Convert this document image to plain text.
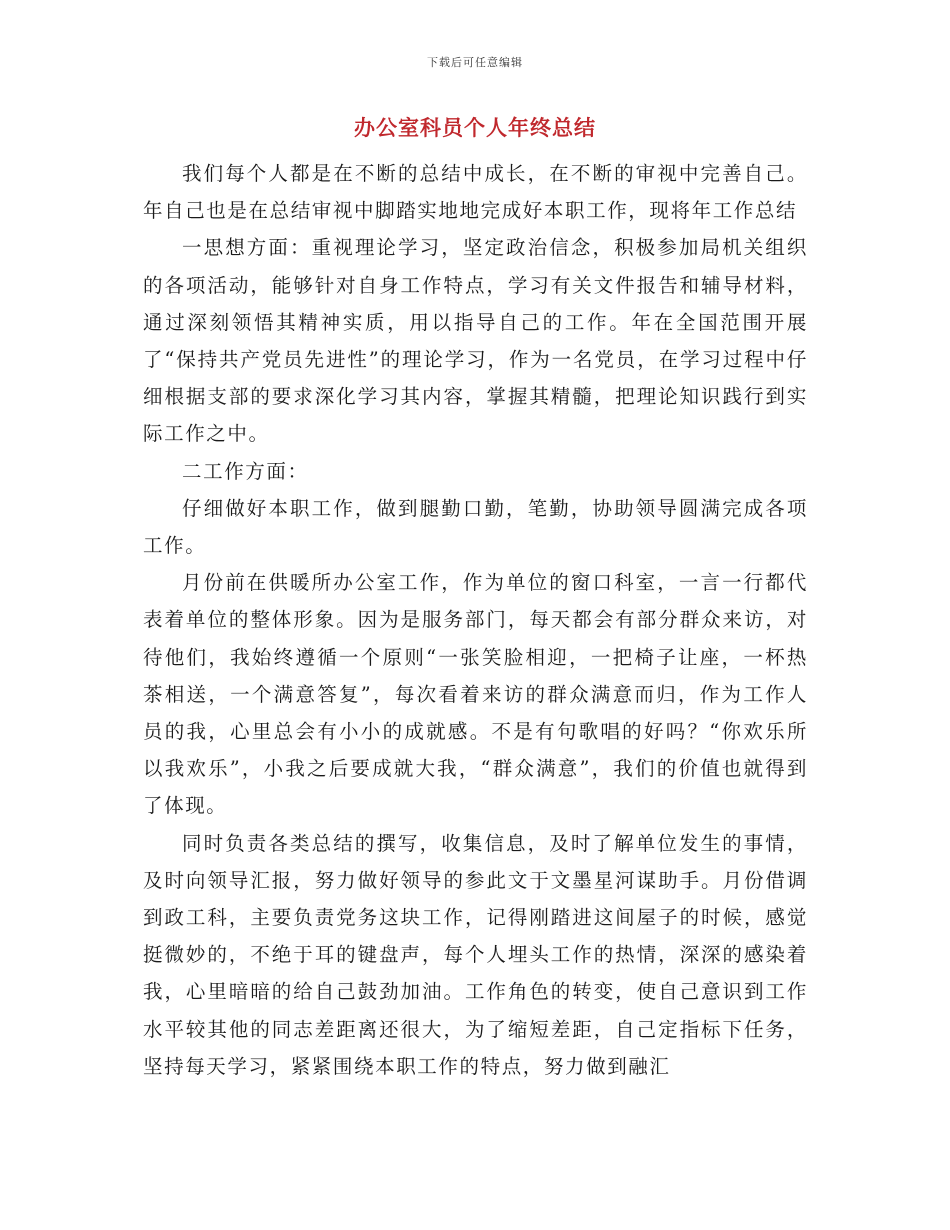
下载后可任意编辑
办公室科员个人年终总结

我们每个人都是在不断的总结中成长，在不断的审视中完善自己。年自己也是在总结审视中脚踏实地地完成好本职工作，现将年工作总结

一思想方面：重视理论学习，坚定政治信念，积极参加局机关组织的各项活动，能够针对自身工作特点，学习有关文件报告和辅导材料，通过深刻领悟其精神实质，用以指导自己的工作。年在全国范围开展了“保持共产党员先进性”的理论学习，作为一名党员，在学习过程中仔细根据支部的要求深化学习其内容，掌握其精髓，把理论知识践行到实际工作之中。

二工作方面：

仔细做好本职工作，做到腿勤口勤，笔勤，协助领导圆满完成各项工作。

月份前在供暖所办公室工作，作为单位的窗口科室，一言一行都代表着单位的整体形象。因为是服务部门，每天都会有部分群众来访，对待他们，我始终遵循一个原则“一张笑脸相迎，一把椅子让座，一杯热茶相送，一个满意答复”，每次看着来访的群众满意而归，作为工作人员的我，心里总会有小小的成就感。不是有句歌唱的好吗？“你欢乐所以我欢乐”，小我之后要成就大我，“群众满意”，我们的价值也就得到了体现。

同时负责各类总结的撰写，收集信息，及时了解单位发生的事情，及时向领导汇报，努力做好领导的参此文于文墨星河谋助手。月份借调到政工科，主要负责党务这块工作，记得刚踏进这间屋子的时候，感觉挺微妙的，不绝于耳的键盘声，每个人埋头工作的热情，深深的感染着我，心里暗暗的给自己鼓劲加油。工作角色的转变，使自己意识到工作水平较其他的同志差距离还很大，为了缩短差距，自己定指标下任务，坚持每天学习，紧紧围绕本职工作的特点，努力做到融汇
